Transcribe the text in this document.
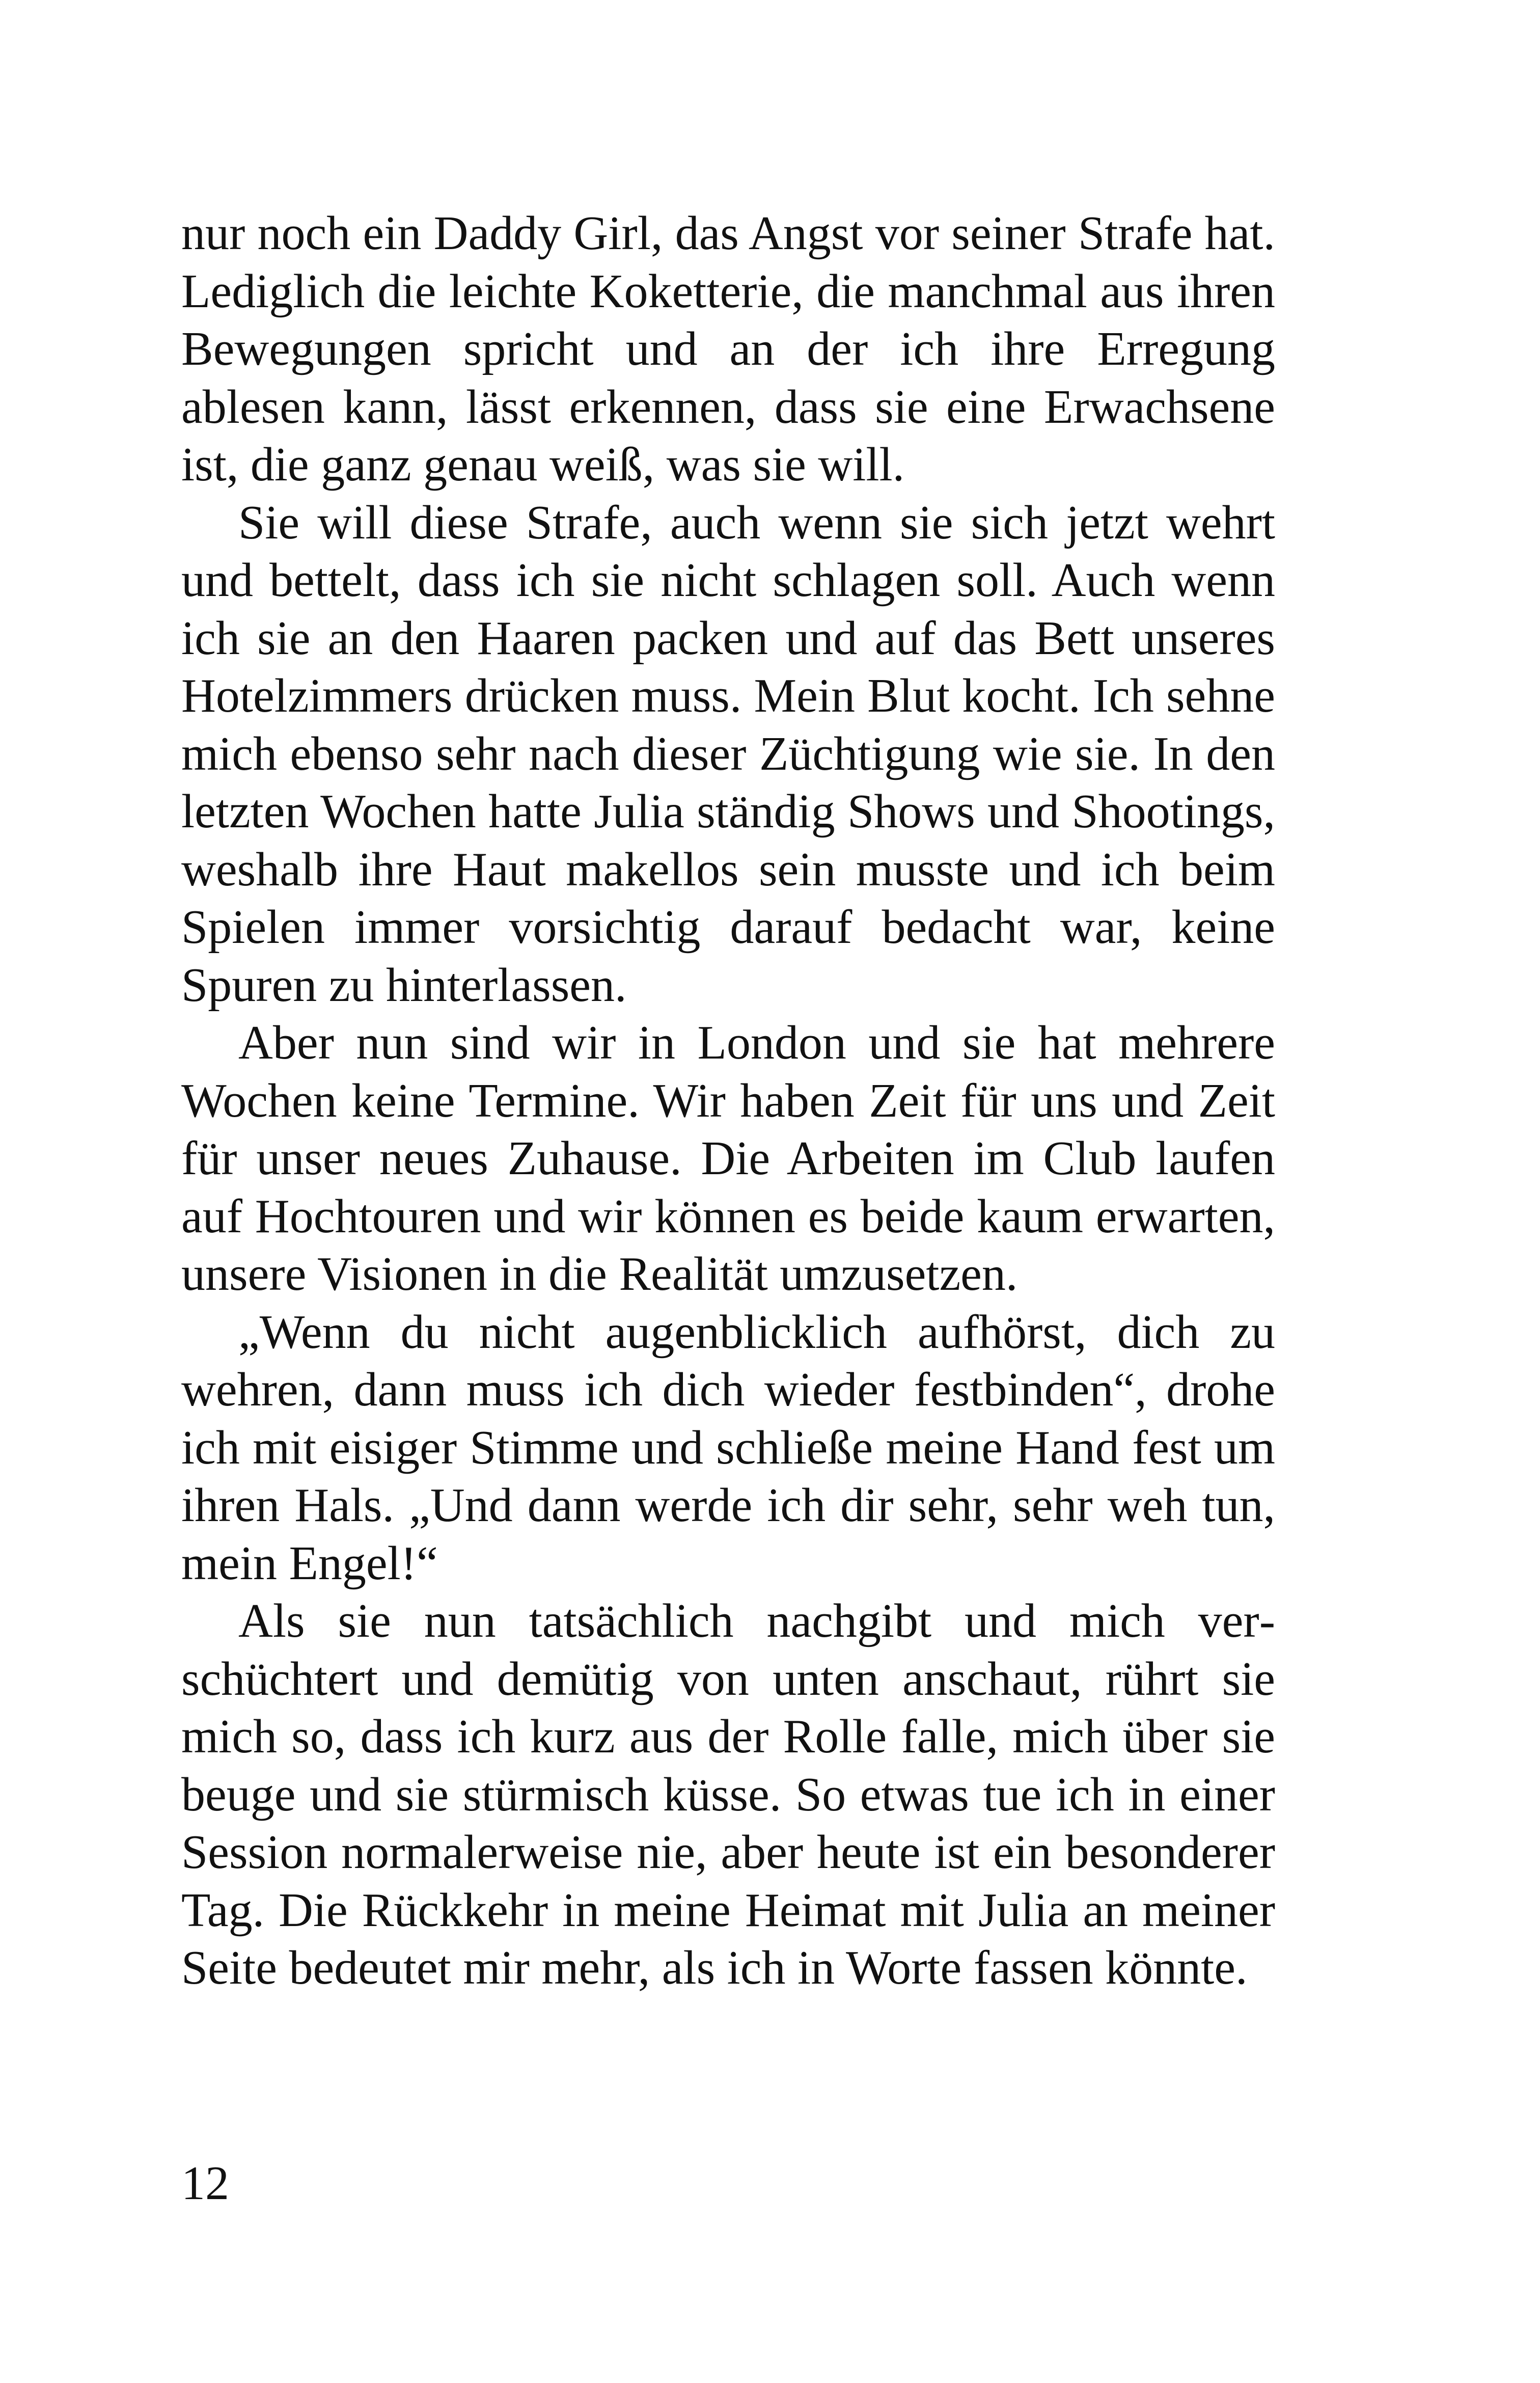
nur noch ein Daddy Girl, das Angst vor seiner Strafe hat. Lediglich die leichte Koketterie, die manchmal aus ihren Bewegungen spricht und an der ich ihre Erregung ablesen kann, lässt erkennen, dass sie eine Erwachsene ist, die ganz genau weiß, was sie will.

Sie will diese Strafe, auch wenn sie sich jetzt wehrt und bettelt, dass ich sie nicht schlagen soll. Auch wenn ich sie an den Haaren packen und auf das Bett unseres Hotelzimmers drücken muss. Mein Blut kocht. Ich sehne mich ebenso sehr nach dieser Züchtigung wie sie. In den letzten Wochen hatte Julia ständig Shows und Shootings, weshalb ihre Haut makellos sein musste und ich beim Spielen immer vorsichtig darauf bedacht war, keine Spuren zu hinterlassen.

Aber nun sind wir in London und sie hat mehrere Wochen keine Termine. Wir haben Zeit für uns und Zeit für unser neues Zuhause. Die Arbeiten im Club laufen auf Hochtouren und wir können es beide kaum erwarten, unsere Visionen in die Realität umzusetzen.

„Wenn du nicht augenblicklich aufhörst, dich zu wehren, dann muss ich dich wieder festbinden“, drohe ich mit eisiger Stimme und schließe meine Hand fest um ihren Hals. „Und dann werde ich dir sehr, sehr weh tun, mein Engel!“

Als sie nun tatsächlich nachgibt und mich verschüchtert und demütig von unten anschaut, rührt sie mich so, dass ich kurz aus der Rolle falle, mich über sie beuge und sie stürmisch küsse. So etwas tue ich in einer Session normalerweise nie, aber heute ist ein besonderer Tag. Die Rückkehr in meine Heimat mit Julia an meiner Seite bedeutet mir mehr, als ich in Worte fassen könnte.

12
